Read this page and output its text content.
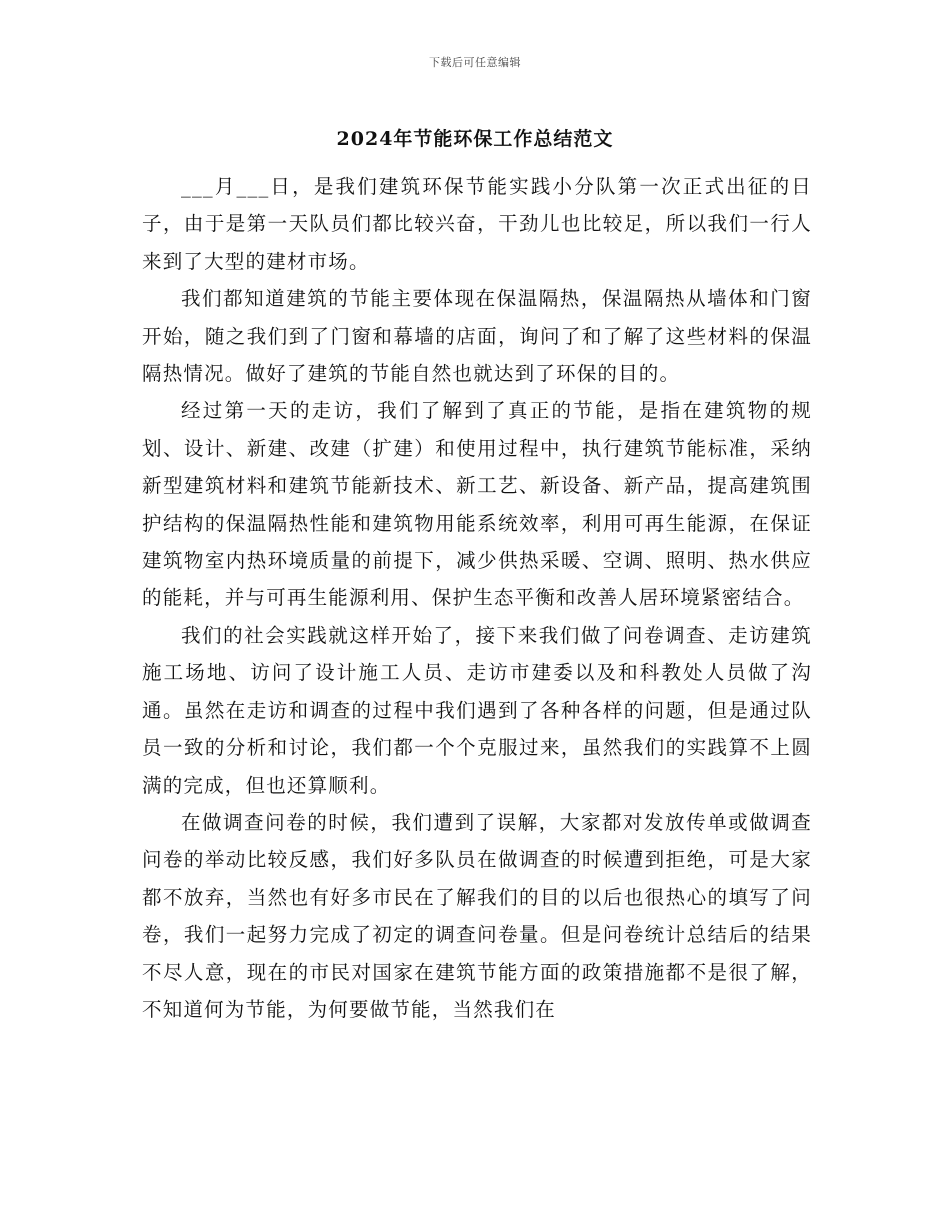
下载后可任意编辑
2024年节能环保工作总结范文

___月___日，是我们建筑环保节能实践小分队第一次正式出征的日子，由于是第一天队员们都比较兴奋，干劲儿也比较足，所以我们一行人来到了大型的建材市场。

我们都知道建筑的节能主要体现在保温隔热，保温隔热从墙体和门窗开始，随之我们到了门窗和幕墙的店面，询问了和了解了这些材料的保温隔热情况。做好了建筑的节能自然也就达到了环保的目的。

经过第一天的走访，我们了解到了真正的节能，是指在建筑物的规划、设计、新建、改建（扩建）和使用过程中，执行建筑节能标准，采纳新型建筑材料和建筑节能新技术、新工艺、新设备、新产品，提高建筑围护结构的保温隔热性能和建筑物用能系统效率，利用可再生能源，在保证建筑物室内热环境质量的前提下，减少供热采暖、空调、照明、热水供应的能耗，并与可再生能源利用、保护生态平衡和改善人居环境紧密结合。

我们的社会实践就这样开始了，接下来我们做了问卷调查、走访建筑施工场地、访问了设计施工人员、走访市建委以及和科教处人员做了沟通。虽然在走访和调查的过程中我们遇到了各种各样的问题，但是通过队员一致的分析和讨论，我们都一个个克服过来，虽然我们的实践算不上圆满的完成，但也还算顺利。

在做调查问卷的时候，我们遭到了误解，大家都对发放传单或做调查问卷的举动比较反感，我们好多队员在做调查的时候遭到拒绝，可是大家都不放弃，当然也有好多市民在了解我们的目的以后也很热心的填写了问卷，我们一起努力完成了初定的调查问卷量。但是问卷统计总结后的结果不尽人意，现在的市民对国家在建筑节能方面的政策措施都不是很了解，不知道何为节能，为何要做节能，当然我们在
